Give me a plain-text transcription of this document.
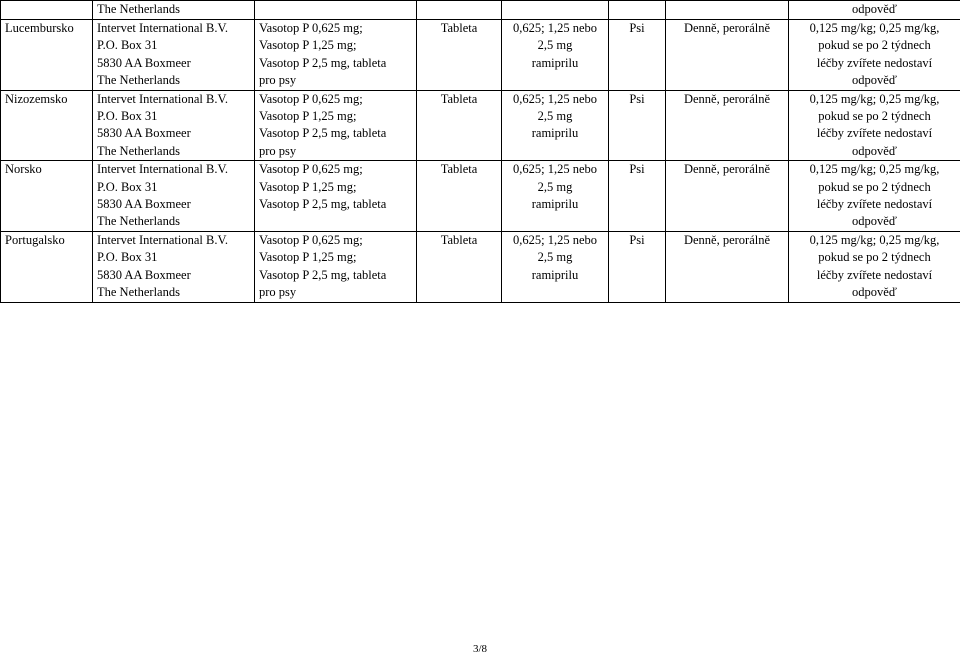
	The Netherlands						odpověď

Lucembursko	Intervet International B.V.
P.O. Box 31
5830 AA Boxmeer
The Netherlands	Vasotop P 0,625 mg;
Vasotop P 1,25 mg;
Vasotop P 2,5 mg, tableta
pro psy	Tableta	0,625; 1,25 nebo
2,5 mg
ramiprilu	Psi	Denně, perorálně	0,125 mg/kg; 0,25 mg/kg,
pokud se po 2 týdnech
léčby zvířete nedostaví
odpověď

Nizozemsko	Intervet International B.V.
P.O. Box 31
5830 AA Boxmeer
The Netherlands	Vasotop P 0,625 mg;
Vasotop P 1,25 mg;
Vasotop P 2,5 mg, tableta
pro psy	Tableta	0,625; 1,25 nebo
2,5 mg
ramiprilu	Psi	Denně, perorálně	0,125 mg/kg; 0,25 mg/kg,
pokud se po 2 týdnech
léčby zvířete nedostaví
odpověď

Norsko	Intervet International B.V.
P.O. Box 31
5830 AA Boxmeer
The Netherlands	Vasotop P 0,625 mg;
Vasotop P 1,25 mg;
Vasotop P 2,5 mg, tableta	Tableta	0,625; 1,25 nebo
2,5 mg
ramiprilu	Psi	Denně, perorálně	0,125 mg/kg; 0,25 mg/kg,
pokud se po 2 týdnech
léčby zvířete nedostaví
odpověď

Portugalsko	Intervet International B.V.
P.O. Box 31
5830 AA Boxmeer
The Netherlands	Vasotop P 0,625 mg;
Vasotop P 1,25 mg;
Vasotop P 2,5 mg, tableta
pro psy	Tableta	0,625; 1,25 nebo
2,5 mg
ramiprilu	Psi	Denně, perorálně	0,125 mg/kg; 0,25 mg/kg,
pokud se po 2 týdnech
léčby zvířete nedostaví
odpověď
3/8
